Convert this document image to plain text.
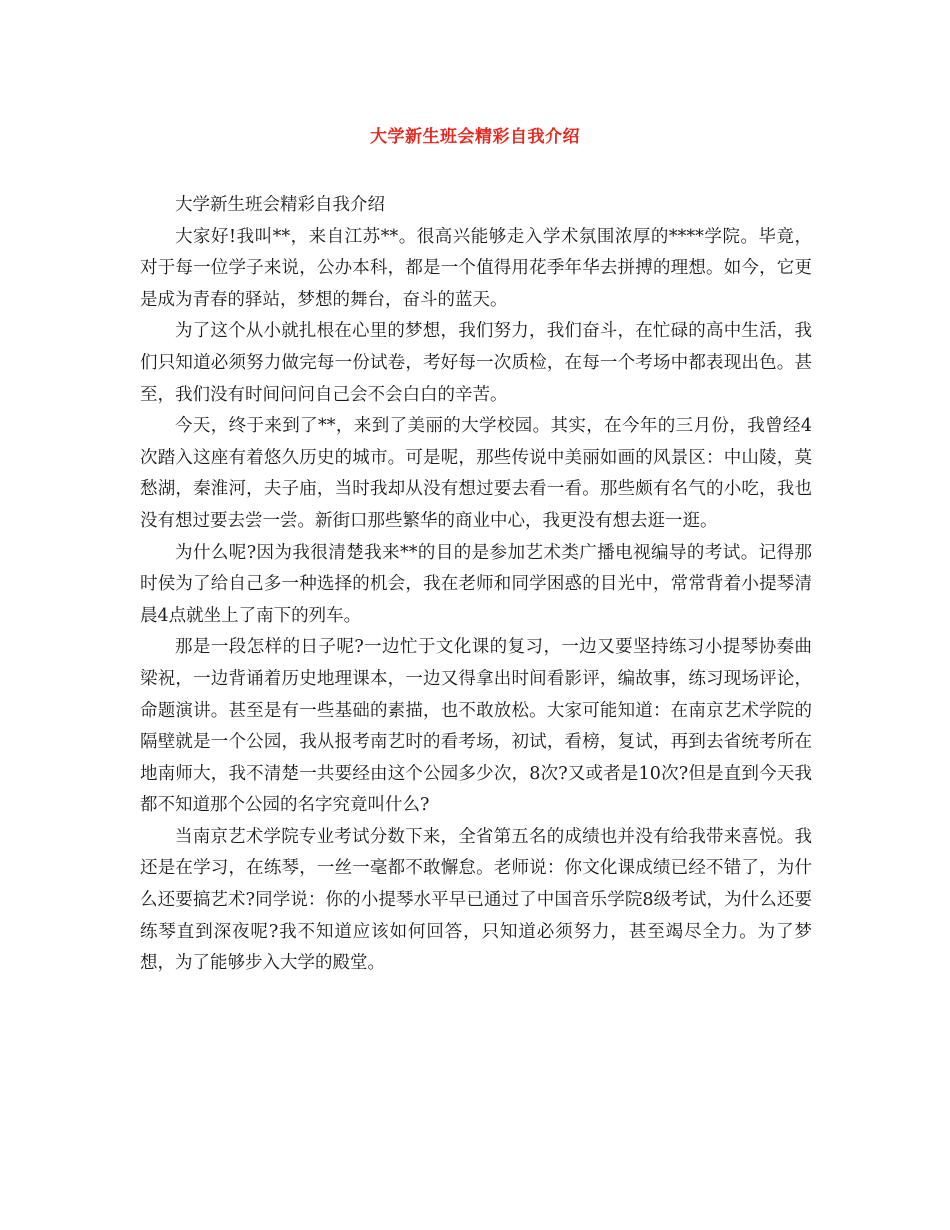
大学新生班会精彩自我介绍

大学新生班会精彩自我介绍

大家好!我叫**，来自江苏**。很高兴能够走入学术氛围浓厚的****学院。毕竟，对于每一位学子来说，公办本科，都是一个值得用花季年华去拼搏的理想。如今，它更是成为青春的驿站，梦想的舞台，奋斗的蓝天。

为了这个从小就扎根在心里的梦想，我们努力，我们奋斗，在忙碌的高中生活，我们只知道必须努力做完每一份试卷，考好每一次质检，在每一个考场中都表现出色。甚至，我们没有时间问问自己会不会白白的辛苦。

今天，终于来到了**，来到了美丽的大学校园。其实，在今年的三月份，我曾经4次踏入这座有着悠久历史的城市。可是呢，那些传说中美丽如画的风景区：中山陵，莫愁湖，秦淮河，夫子庙，当时我却从没有想过要去看一看。那些颇有名气的小吃，我也没有想过要去尝一尝。新街口那些繁华的商业中心，我更没有想去逛一逛。

为什么呢?因为我很清楚我来**的目的是参加艺术类广播电视编导的考试。记得那时侯为了给自己多一种选择的机会，我在老师和同学困惑的目光中，常常背着小提琴清晨4点就坐上了南下的列车。

那是一段怎样的日子呢?一边忙于文化课的复习，一边又要坚持练习小提琴协奏曲梁祝，一边背诵着历史地理课本，一边又得拿出时间看影评，编故事，练习现场评论，命题演讲。甚至是有一些基础的素描，也不敢放松。大家可能知道：在南京艺术学院的隔壁就是一个公园，我从报考南艺时的看考场，初试，看榜，复试，再到去省统考所在地南师大，我不清楚一共要经由这个公园多少次，8次?又或者是10次?但是直到今天我都不知道那个公园的名字究竟叫什么?

当南京艺术学院专业考试分数下来，全省第五名的成绩也并没有给我带来喜悦。我还是在学习，在练琴，一丝一毫都不敢懈怠。老师说：你文化课成绩已经不错了，为什么还要搞艺术?同学说：你的小提琴水平早已通过了中国音乐学院8级考试，为什么还要练琴直到深夜呢?我不知道应该如何回答，只知道必须努力，甚至竭尽全力。为了梦想，为了能够步入大学的殿堂。
